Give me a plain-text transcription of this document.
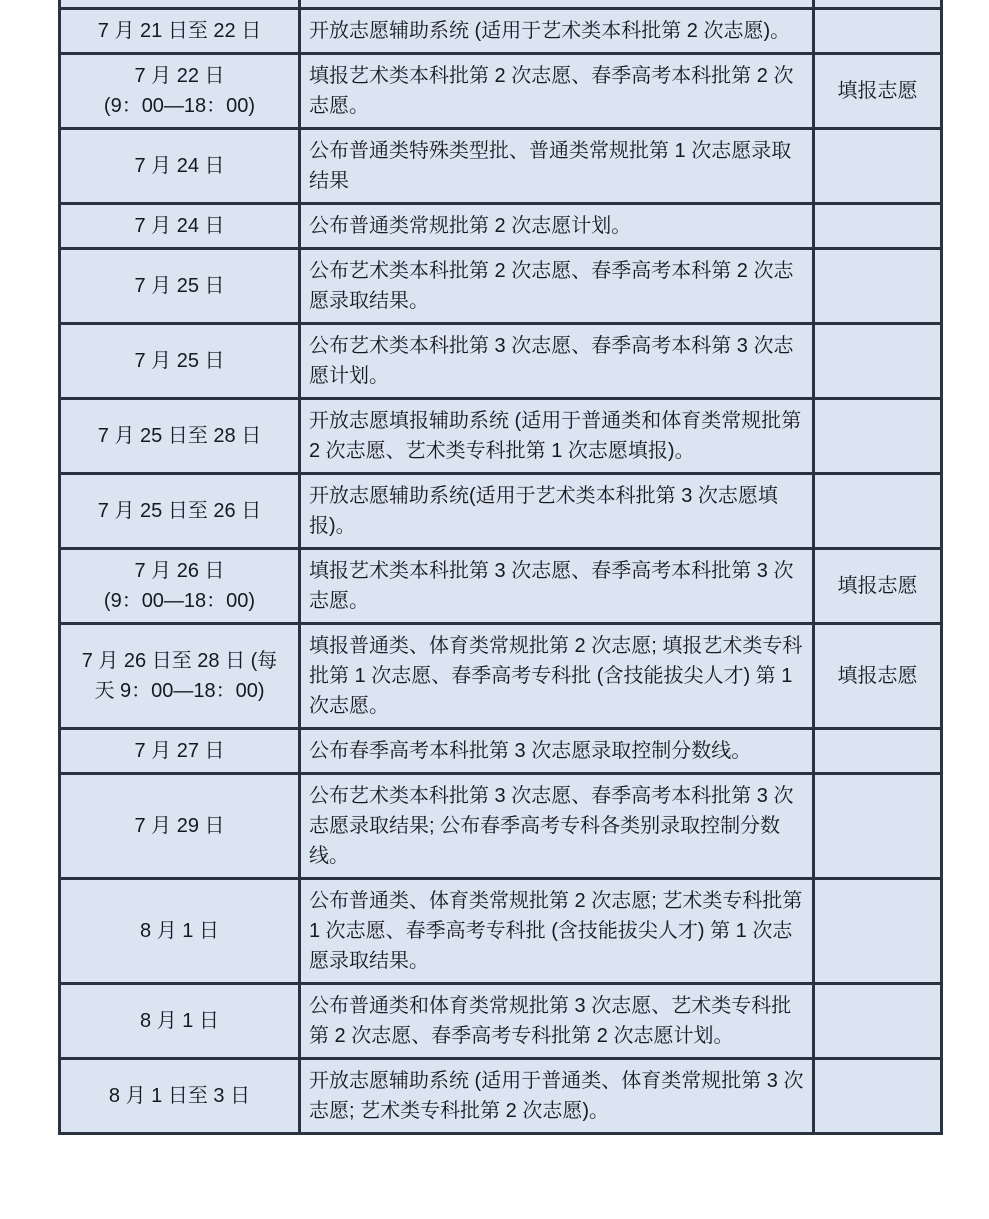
7 月 21 日至 22 日	开放志愿辅助系统 (适用于艺术类本科批第 2 次志愿)。	

7 月 22 日
(9：00—18：00)	填报艺术类本科批第 2 次志愿、春季高考本科批第 2 次志愿。	填报志愿

7 月 24 日	公布普通类特殊类型批、普通类常规批第 1 次志愿录取结果	

7 月 24 日	公布普通类常规批第 2 次志愿计划。	

7 月 25 日	公布艺术类本科批第 2 次志愿、春季高考本科第 2 次志愿录取结果。	

7 月 25 日	公布艺术类本科批第 3 次志愿、春季高考本科第 3 次志愿计划。	

7 月 25 日至 28 日	开放志愿填报辅助系统 (适用于普通类和体育类常规批第 2 次志愿、艺术类专科批第 1 次志愿填报)。	

7 月 25 日至 26 日	开放志愿辅助系统(适用于艺术类本科批第 3 次志愿填报)。	

7 月 26 日
(9：00—18：00)	填报艺术类本科批第 3 次志愿、春季高考本科批第 3 次志愿。	填报志愿

7 月 26 日至 28 日 (每
天 9：00—18：00)	填报普通类、体育类常规批第 2 次志愿; 填报艺术类专科批第 1 次志愿、春季高考专科批 (含技能拔尖人才) 第 1 次志愿。	填报志愿

7 月 27 日	公布春季高考本科批第 3 次志愿录取控制分数线。	

7 月 29 日	公布艺术类本科批第 3 次志愿、春季高考本科批第 3 次志愿录取结果; 公布春季高考专科各类别录取控制分数线。	

8 月 1 日	公布普通类、体育类常规批第 2 次志愿; 艺术类专科批第 1 次志愿、春季高考专科批 (含技能拔尖人才) 第 1 次志愿录取结果。	

8 月 1 日	公布普通类和体育类常规批第 3 次志愿、艺术类专科批第 2 次志愿、春季高考专科批第 2 次志愿计划。	

8 月 1 日至 3 日	开放志愿辅助系统 (适用于普通类、体育类常规批第 3 次志愿; 艺术类专科批第 2 次志愿)。	
